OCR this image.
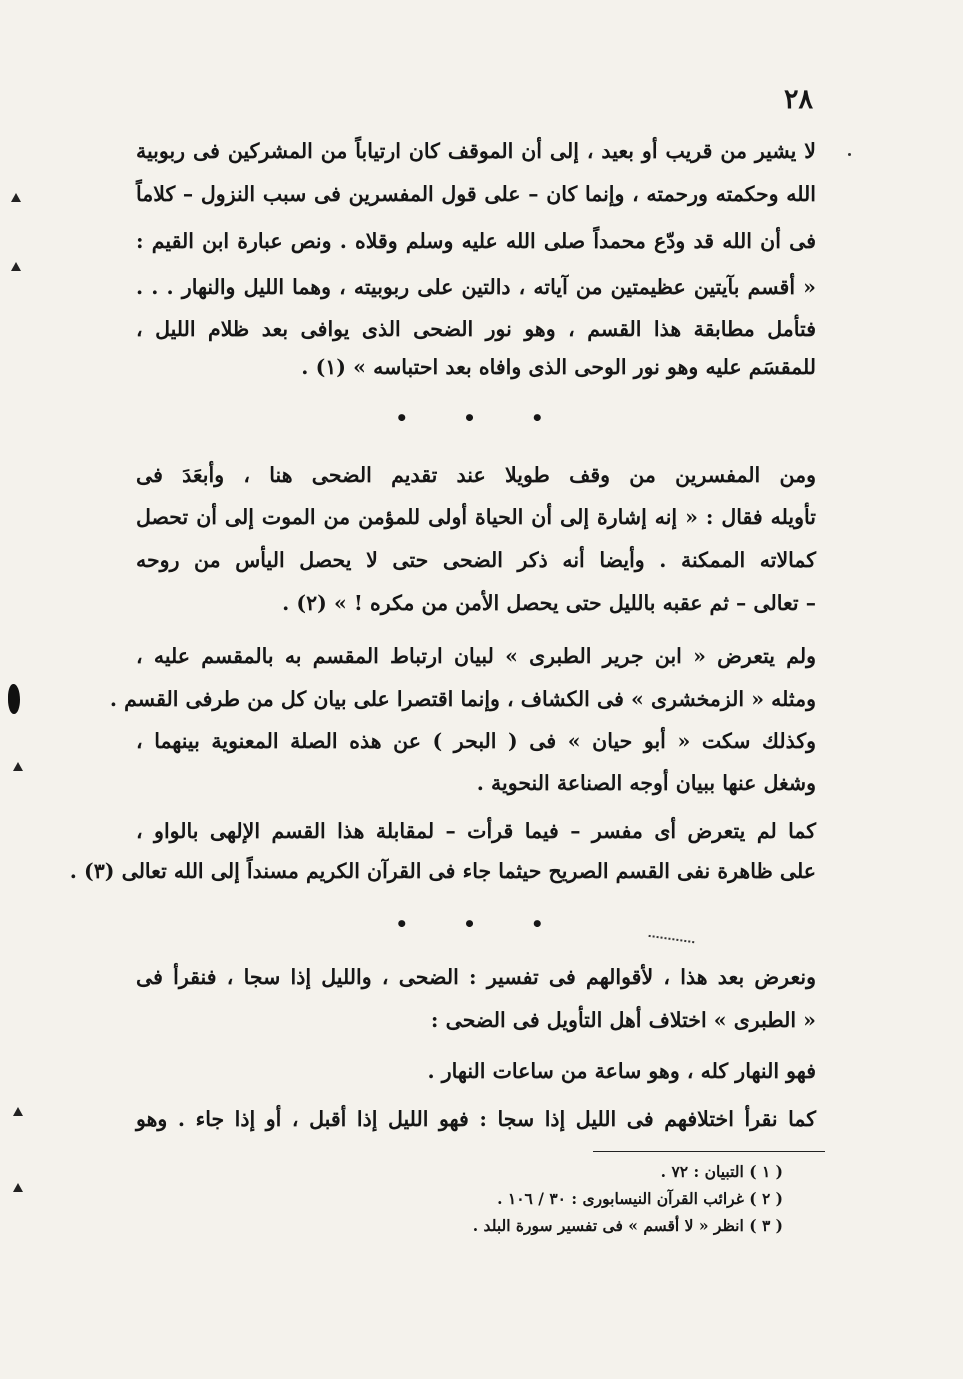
٢٨
لا يشير من قريب أو بعيد ، إلى أن الموقف كان ارتياباً من المشركين فى ربوبية
الله وحكمته ورحمته ، وإنما كان – على قول المفسرين فى سبب النزول – كلاماً
فى أن الله قد ودّع محمداً صلى الله عليه وسلم وقلاه . ونص عبارة ابن القيم :
« أقسم بآيتين عظيمتين من آياته ، دالتين على ربوبيته ، وهما الليل والنهار . . .
فتأمل مطابقة هذا القسم ، وهو نور الضحى الذى يوافى بعد ظلام الليل ،
للمقسَم عليه وهو نور الوحى الذى وافاه بعد احتباسه » (١) .
• • •
ومن المفسرين من وقف طويلا عند تقديم الضحى هنا ، وأبعَدَ فى
تأويله فقال : « إنه إشارة إلى أن الحياة أولى للمؤمن من الموت إلى أن تحصل
كمالاته الممكنة . وأيضا أنه ذكر الضحى حتى لا يحصل اليأس من روحه
– تعالى – ثم عقبه بالليل حتى يحصل الأمن من مكره ! » (٢) .
ولم يتعرض « ابن جرير الطبرى » لبيان ارتباط المقسم به بالمقسم عليه ،
ومثله « الزمخشرى » فى الكشاف ، وإنما اقتصرا على بيان كل من طرفى القسم .
وكذلك سكت « أبو حيان » فى ( البحر ) عن هذه الصلة المعنوية بينهما ،
وشغل عنها ببيان أوجه الصناعة النحوية .
كما لم يتعرض أى مفسر – فيما قرأت – لمقابلة هذا القسم الإلهى بالواو ،
على ظاهرة نفى القسم الصريح حيثما جاء فى القرآن الكريم مسنداً إلى الله تعالى (٣) .
• • •
ونعرض بعد هذا ، لأقوالهم فى تفسير : الضحى ، والليل إذا سجا ، فنقرأ فى
« الطبرى » اختلاف أهل التأويل فى الضحى :
فهو النهار كله ، وهو ساعة من ساعات النهار .
كما نقرأ اختلافهم فى الليل إذا سجا : فهو الليل إذا أقبل ، أو إذا جاء . وهو
( ١ ) التبيان : ٧٢ .
( ٢ ) غرائب القرآن النيسابورى : ٣٠ / ١٠٦ .
( ٣ ) انظر « لا أقسم » فى تفسير سورة البلد .
